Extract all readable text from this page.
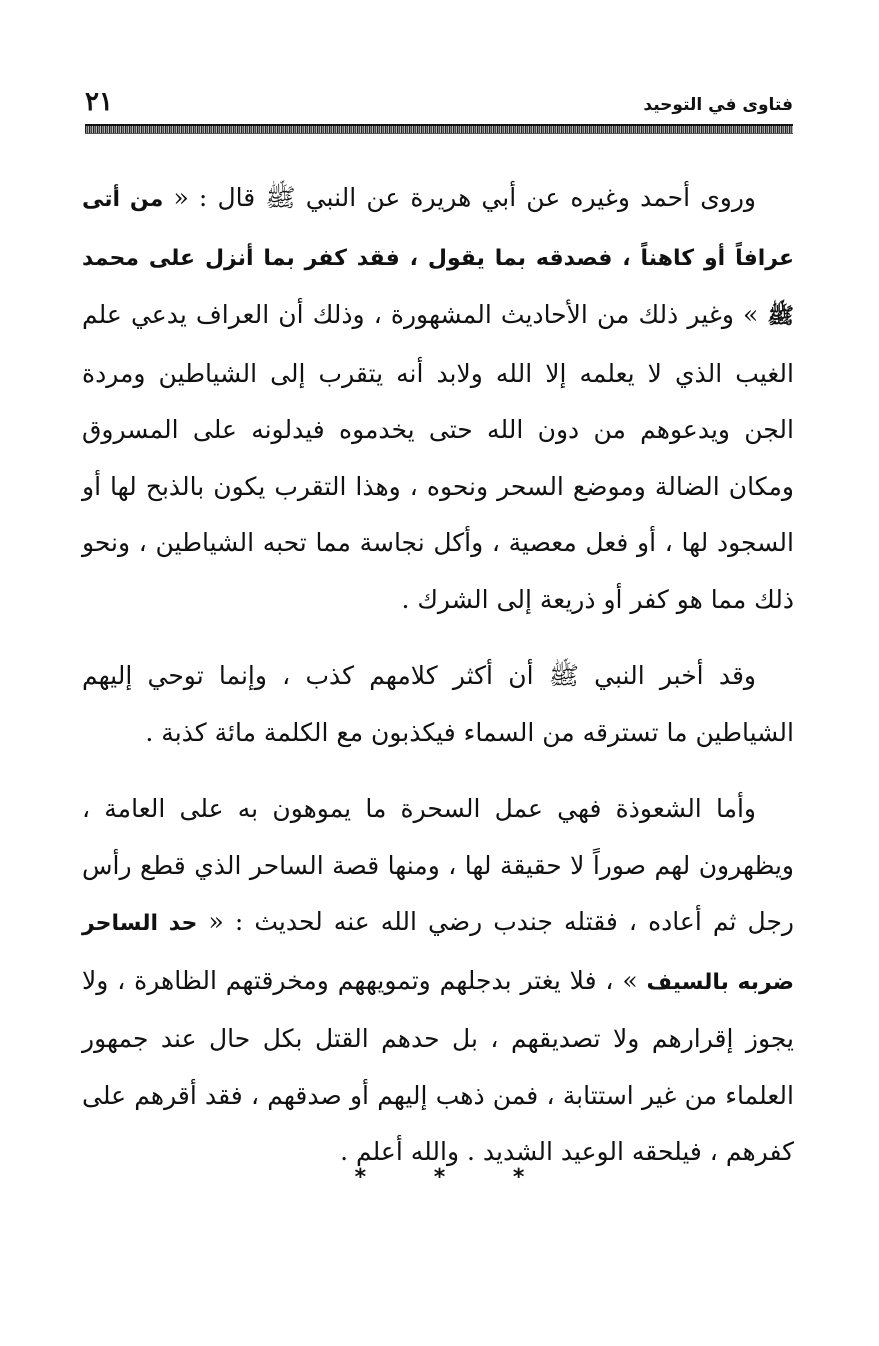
فتاوى في التوحيد
٢١

وروى أحمد وغيره عن أبي هريرة عن النبي ﷺ قال : « من أتى عرافاً أو كاهناً ، فصدقه بما يقول ، فقد كفر بما أنزل على محمد ﷺ » وغير ذلك من الأحاديث المشهورة ، وذلك أن العراف يدعي علم الغيب الذي لا يعلمه إلا الله ولابد أنه يتقرب إلى الشياطين ومردة الجن ويدعوهم من دون الله حتى يخدموه فيدلونه على المسروق ومكان الضالة وموضع السحر ونحوه ، وهذا التقرب يكون بالذبح لها أو السجود لها ، أو فعل معصية ، وأكل نجاسة مما تحبه الشياطين ، ونحو ذلك مما هو كفر أو ذريعة إلى الشرك .

وقد أخبر النبي ﷺ أن أكثر كلامهم كذب ، وإنما توحي إليهم الشياطين ما تسترقه من السماء فيكذبون مع الكلمة مائة كذبة .

وأما الشعوذة فهي عمل السحرة ما يموهون به على العامة ، ويظهرون لهم صوراً لا حقيقة لها ، ومنها قصة الساحر الذي قطع رأس رجل ثم أعاده ، فقتله جندب رضي الله عنه لحديث : « حد الساحر ضربه بالسيف » ، فلا يغتر بدجلهم وتمويههم ومخرقتهم الظاهرة ، ولا يجوز إقرارهم ولا تصديقهم ، بل حدهم القتل بكل حال عند جمهور العلماء من غير استتابة ، فمن ذهب إليهم أو صدقهم ، فقد أقرهم على كفرهم ، فيلحقه الوعيد الشديد . والله أعلم .

* * *
